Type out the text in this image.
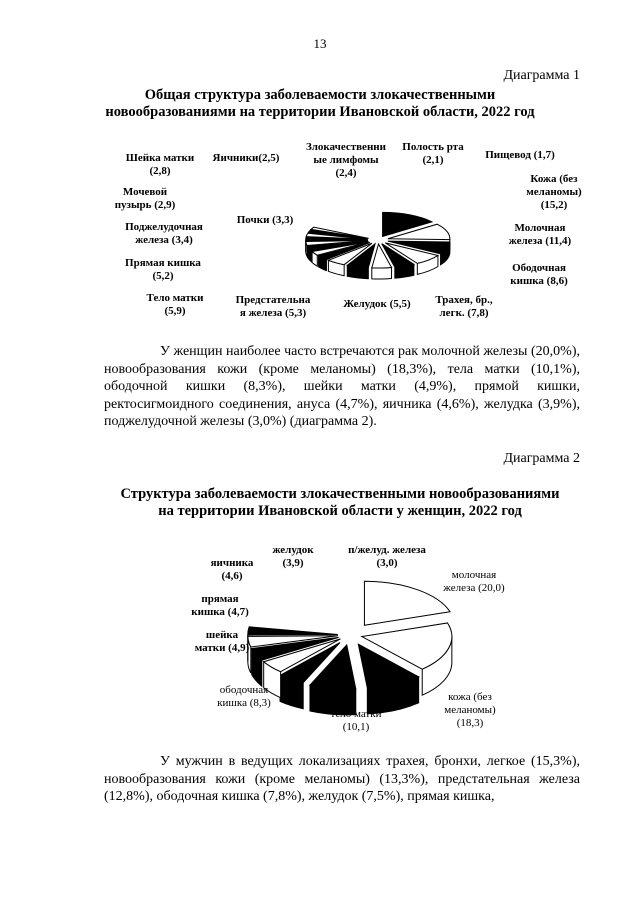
13
Диаграмма 1
Общая структура заболеваемости злокачественными
новообразованиями на территории Ивановской области, 2022 год
Шейка матки (2,8)
Яичники(2,5)
Злокачественни ые лимфомы (2,4)
Полость рта (2,1)	Пищевод (1,7)
Кожа (без меланомы) (15,2)
Молочная железа (11,4)
Ободочная кишка (8,6)
Трахея, бр., легк. (7,8)
Желудок (5,5)
Предстательна я железа (5,3)
Тело матки (5,9)
Прямая кишка (5,2)
Поджелудочная железа (3,4)
Мочевой пузырь (2,9)
Почки (3,3)
У женщин наиболее часто встречаются рак молочной железы (20,0%), новообразования кожи (кроме меланомы) (18,3%), тела матки (10,1%), ободочной кишки (8,3%), шейки матки (4,9%), прямой кишки, ректосигмоидного соединения, ануса (4,7%), яичника (4,6%), желудка (3,9%), поджелудочной железы (3,0%) (диаграмма 2).
Диаграмма 2
Структура заболеваемости злокачественными новообразованиями
на территории Ивановской области у женщин, 2022 год
желудок (3,9)
п/желуд. железа (3,0)
молочная железа (20,0)
яичника (4,6)
прямая кишка (4,7)
шейка матки (4,9)
ободочная кишка (8,3)
тело матки (10,1)
кожа (без меланомы) (18,3)
У мужчин в ведущих локализациях трахея, бронхи, легкое (15,3%), новообразования кожи (кроме меланомы) (13,3%), предстательная железа (12,8%), ободочная кишка (7,8%), желудок (7,5%), прямая кишка,
